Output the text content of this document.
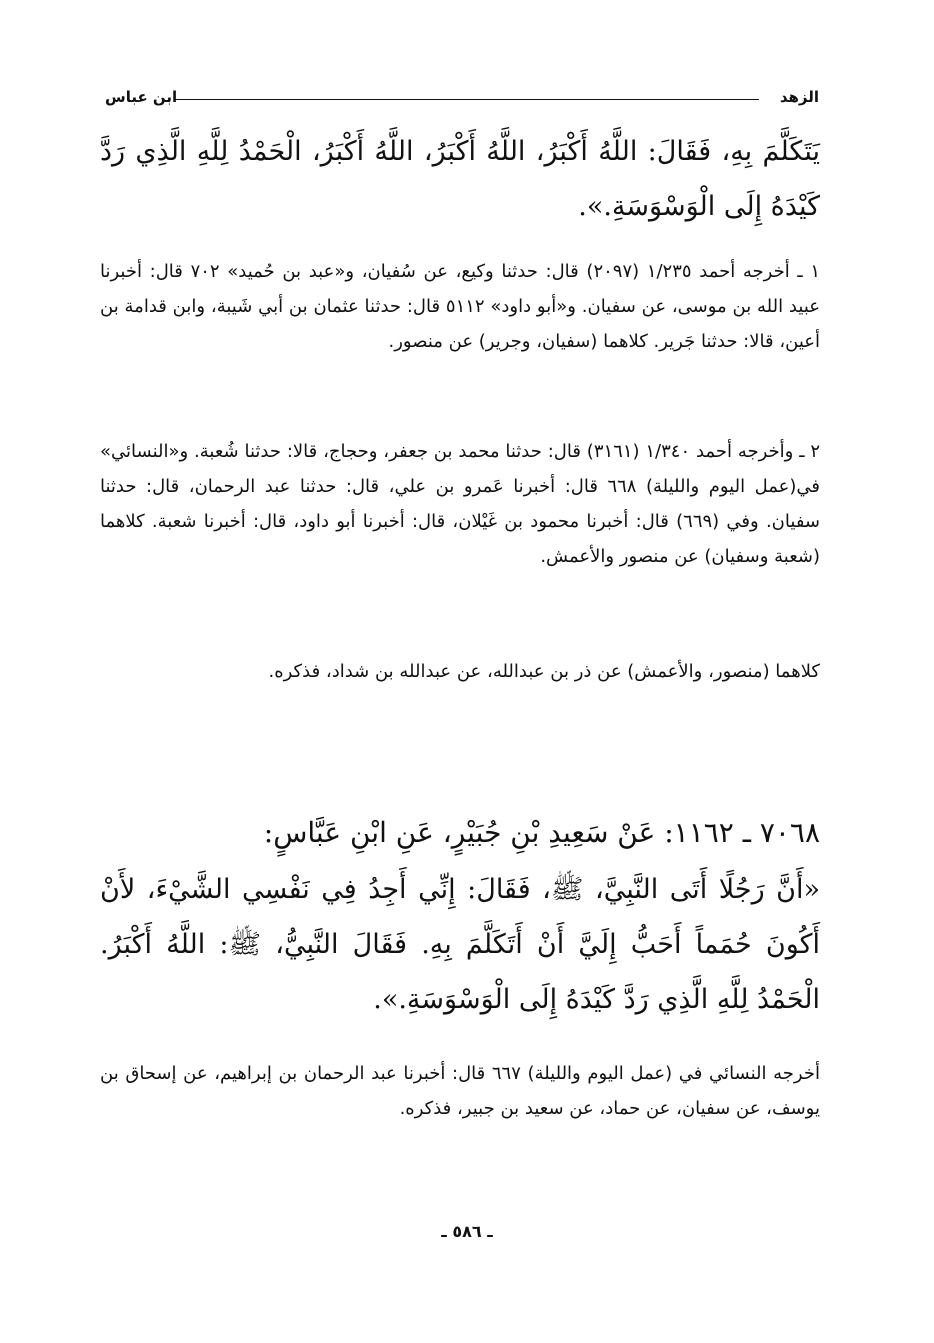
الزهد
ابن عباس

يَتَكَلَّمَ بِهِ، فَقَالَ: اللَّهُ أَكْبَرُ، اللَّهُ أَكْبَرُ، اللَّهُ أَكْبَرُ، الْحَمْدُ لِلَّهِ الَّذِي رَدَّ كَيْدَهُ إِلَى الْوَسْوَسَةِ.».

١ ـ أخرجه أحمد ١/٢٣٥ (٢٠٩٧) قال: حدثنا وكيع، عن سُفيان، و«عبد بن حُميد» ٧٠٢ قال: أخبرنا عبيد الله بن موسى، عن سفيان. و«أبو داود» ٥١١٢ قال: حدثنا عثمان بن أبي شَيبة، وابن قدامة بن أعين، قالا: حدثنا جَرير. كلاهما (سفيان، وجرير) عن منصور.

٢ ـ وأخرجه أحمد ١/٣٤٠ (٣١٦١) قال: حدثنا محمد بن جعفر، وحجاج، قالا: حدثنا شُعبة. و«النسائي» في(عمل اليوم والليلة) ٦٦٨ قال: أخبرنا عَمرو بن علي، قال: حدثنا عبد الرحمان، قال: حدثنا سفيان. وفي (٦٦٩) قال: أخبرنا محمود بن غَيْلان، قال: أخبرنا أبو داود، قال: أخبرنا شعبة. كلاهما (شعبة وسفيان) عن منصور والأعمش.

كلاهما (منصور، والأعمش) عن ذر بن عبدالله، عن عبدالله بن شداد، فذكره.

٧٠٦٨ ـ ١١٦٢: عَنْ سَعِيدِ بْنِ جُبَيْرٍ، عَنِ ابْنِ عَبَّاسٍ:

«أَنَّ رَجُلًا أَتَى النَّبِيَّ، ﷺ، فَقَالَ: إِنِّي أَجِدُ فِي نَفْسِي الشَّيْءَ، لأَنْ أَكُونَ حُمَماً أَحَبُّ إِلَيَّ أَنْ أَتَكَلَّمَ بِهِ. فَقَالَ النَّبِيُّ، ﷺ: اللَّهُ أَكْبَرُ. الْحَمْدُ لِلَّهِ الَّذِي رَدَّ كَيْدَهُ إِلَى الْوَسْوَسَةِ.».

أخرجه النسائي في (عمل اليوم والليلة) ٦٦٧ قال: أخبرنا عبد الرحمان بن إبراهيم، عن إسحاق بن يوسف، عن سفيان، عن حماد، عن سعيد بن جبير، فذكره.

ـ ٥٨٦ ـ
